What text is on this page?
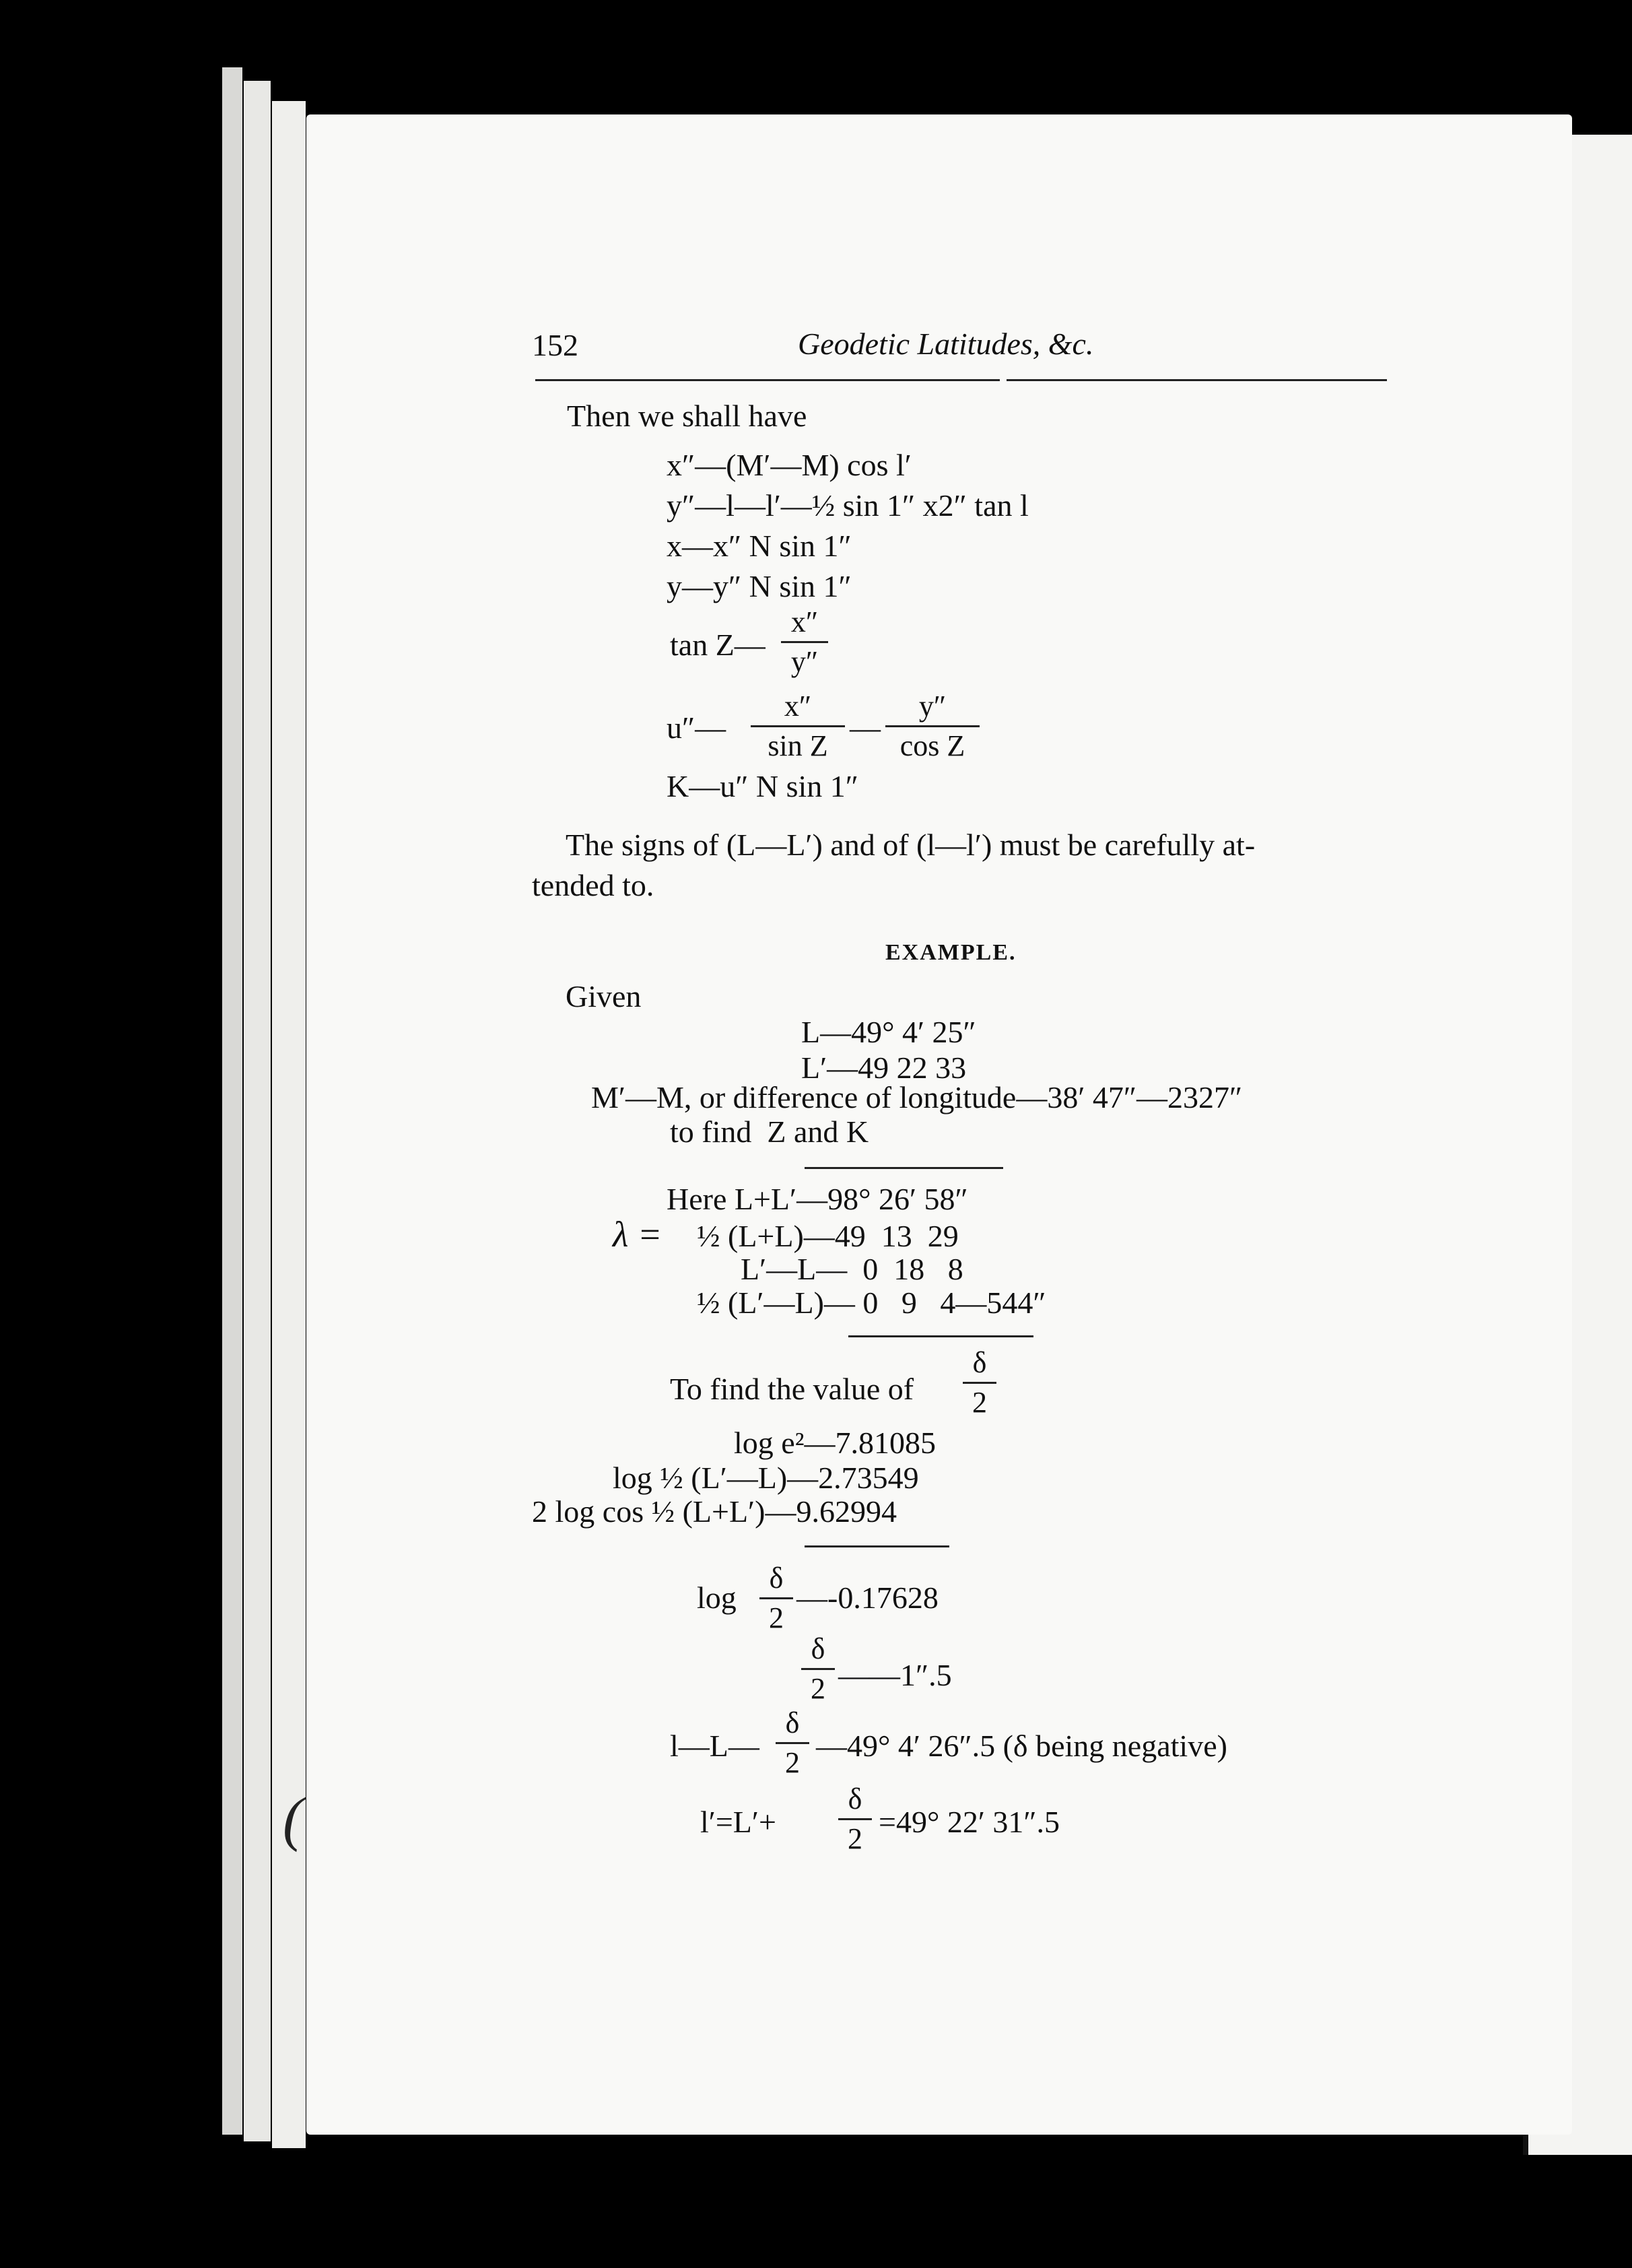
152	Geodetic Latitudes, &c.
Then we shall have
x″—(M′—M) cos l′
y″—l—l′—½ sin 1″ x2″ tan l
x—x″ N sin 1″
y—y″ N sin 1″
tan Z—
x″
y″
u″—
x″
sin Z
—
y″
cos Z
K—u″ N sin 1″
The signs of (L—L′) and of (l—l′) must be carefully at-
tended to.
EXAMPLE.
Given
L—49° 4′ 25″
L′—49 22 33
M′—M, or difference of longitude—38′ 47″—2327″
to find  Z and K
Here L+L′—98° 26′ 58″
λ = ½ (L+L)—49  13  29
L′—L—  0  18   8
½ (L′—L)— 0   9   4—544″
To find the value of
δ
2
log e²—7.81085
log ½ (L′—L)—2.73549
2 log cos ½ (L+L′)—9.62994
log
δ
2
—-0.17628
δ
2 ——1″.5
l—L—
δ
2 —49° 4′ 26″.5 (δ being negative)
l′=L′+
δ
2 =49° 22′ 31″.5
(
